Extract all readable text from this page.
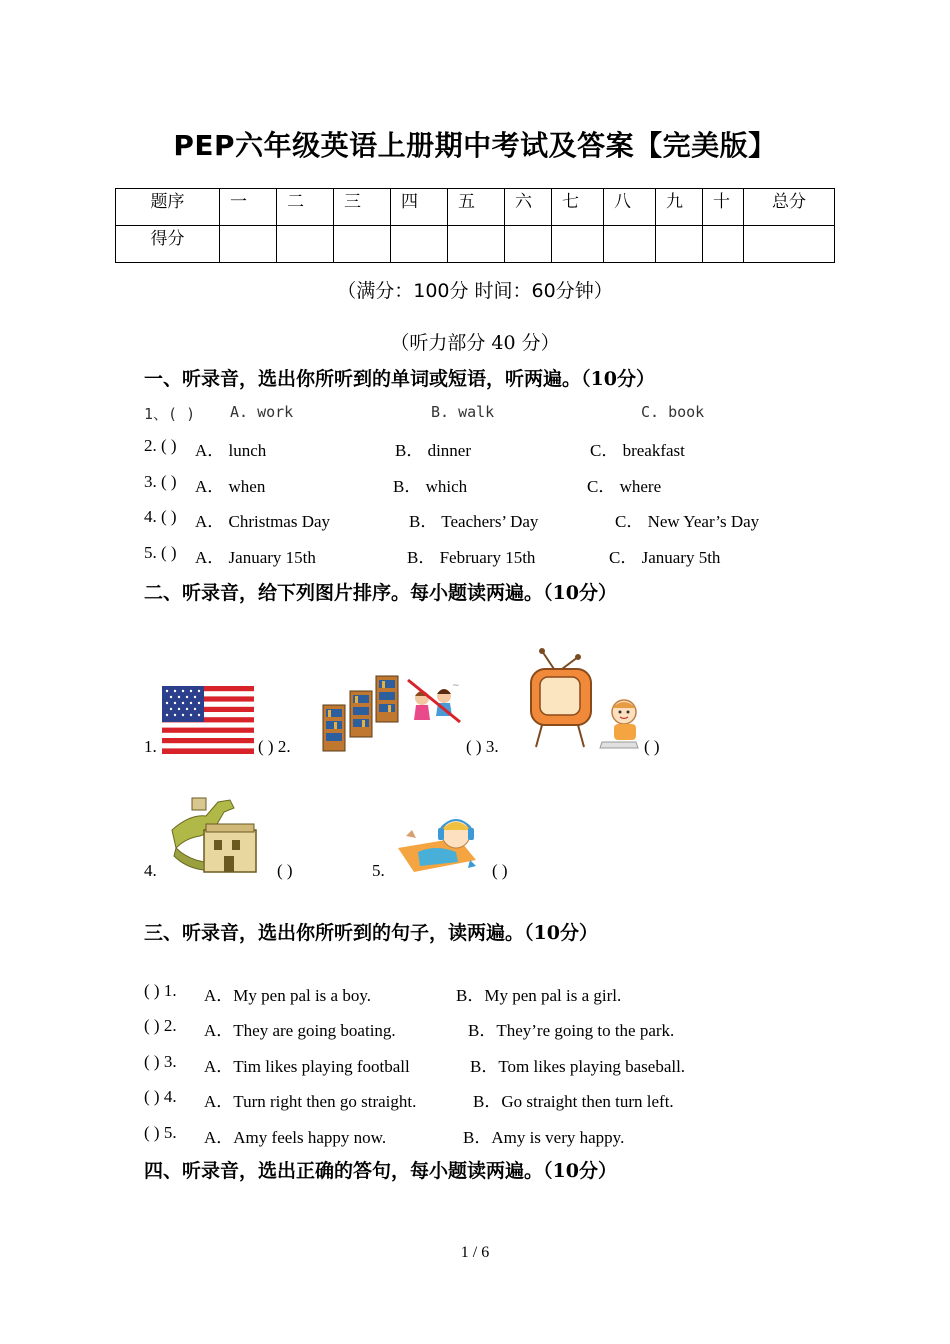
PEP六年级英语上册期中考试及答案【完美版】
题序	一	二	三	四	五	六	七	八	九	十	总分
得分											
（满分：100分 时间：60分钟）
（听力部分 40 分）
一、听录音，选出你所听到的单词或短语，听两遍。（10分）
1、( ) A. work	B. walk	C. book
2. ( ) A． lunch	B． dinner	C． breakfast
3. ( ) A． when	B． which	C． where
4. ( ) A． Christmas Day	B． Teachers’ Day	C． New Year’s Day
5. ( ) A． January 15th	B． February 15th	C． January 5th
二、听录音，给下列图片排序。每小题读两遍。（10分）
1.	( ) 2.
~
( ) 3.	( )
4.	( )	5.	( )
三、听录音，选出你所听到的句子，读两遍。（10分）
( ) 1. A．My pen pal is a boy.	B．My pen pal is a girl.
( ) 2. A．They are going boating.	B．They’re going to the park.
( ) 3. A．Tim likes playing football	B．Tom likes playing baseball.
( ) 4. A．Turn right then go straight.	B．Go straight then turn left.
( ) 5. A．Amy feels happy now.	B．Amy is very happy.
四、听录音，选出正确的答句，每小题读两遍。（10分）
1 / 6
